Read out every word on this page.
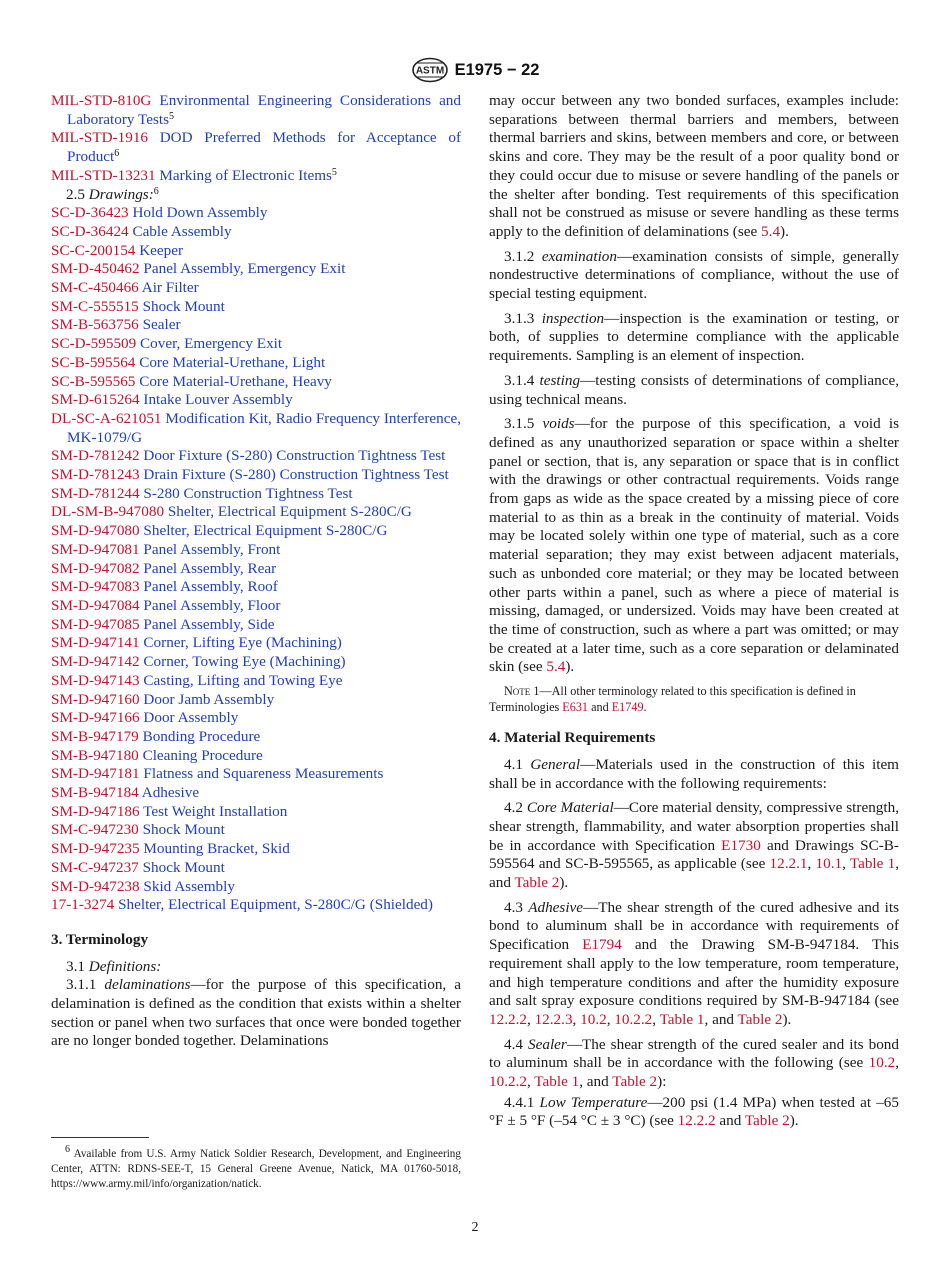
ASTM E1975 − 22
MIL-STD-810G Environmental Engineering Considerations and Laboratory Tests$^5$
MIL-STD-1916 DOD Preferred Methods for Acceptance of Product$^6$
MIL-STD-13231 Marking of Electronic Items$^5$
2.5 Drawings:$^6$
SC-D-36423 Hold Down Assembly
SC-D-36424 Cable Assembly
SC-C-200154 Keeper
SM-D-450462 Panel Assembly, Emergency Exit
SM-C-450466 Air Filter
SM-C-555515 Shock Mount
SM-B-563756 Sealer
SC-D-595509 Cover, Emergency Exit
SC-B-595564 Core Material-Urethane, Light
SC-B-595565 Core Material-Urethane, Heavy
SM-D-615264 Intake Louver Assembly
DL-SC-A-621051 Modification Kit, Radio Frequency Interference, MK-1079/G
SM-D-781242 Door Fixture (S-280) Construction Tightness Test
SM-D-781243 Drain Fixture (S-280) Construction Tightness Test
SM-D-781244 S-280 Construction Tightness Test
DL-SM-B-947080 Shelter, Electrical Equipment S-280C/G
SM-D-947080 Shelter, Electrical Equipment S-280C/G
SM-D-947081 Panel Assembly, Front
SM-D-947082 Panel Assembly, Rear
SM-D-947083 Panel Assembly, Roof
SM-D-947084 Panel Assembly, Floor
SM-D-947085 Panel Assembly, Side
SM-D-947141 Corner, Lifting Eye (Machining)
SM-D-947142 Corner, Towing Eye (Machining)
SM-D-947143 Casting, Lifting and Towing Eye
SM-D-947160 Door Jamb Assembly
SM-D-947166 Door Assembly
SM-B-947179 Bonding Procedure
SM-B-947180 Cleaning Procedure
SM-D-947181 Flatness and Squareness Measurements
SM-B-947184 Adhesive
SM-D-947186 Test Weight Installation
SM-C-947230 Shock Mount
SM-D-947235 Mounting Bracket, Skid
SM-C-947237 Shock Mount
SM-D-947238 Skid Assembly
17-1-3274 Shelter, Electrical Equipment, S-280C/G (Shielded)
3. Terminology
3.1 Definitions:
3.1.1 delaminations—for the purpose of this specification, a delamination is defined as the condition that exists within a shelter section or panel when two surfaces that once were bonded together are no longer bonded together. Delaminations
may occur between any two bonded surfaces, examples include: separations between thermal barriers and members, between thermal barriers and skins, between members and core, or between skins and core. They may be the result of a poor quality bond or they could occur due to misuse or severe handling of the panels or the shelter after bonding. Test requirements of this specification shall not be construed as misuse or severe handling as these terms apply to the definition of delaminations (see 5.4).
3.1.2 examination—examination consists of simple, generally nondestructive determinations of compliance, without the use of special testing equipment.
3.1.3 inspection—inspection is the examination or testing, or both, of supplies to determine compliance with the applicable requirements. Sampling is an element of inspection.
3.1.4 testing—testing consists of determinations of compliance, using technical means.
3.1.5 voids—for the purpose of this specification, a void is defined as any unauthorized separation or space within a shelter panel or section, that is, any separation or space that is in conflict with the drawings or other contractual requirements. Voids range from gaps as wide as the space created by a missing piece of core material to as thin as a break in the continuity of material. Voids may be located solely within one type of material, such as a core material separation; they may exist between adjacent materials, such as unbonded core material; or they may be located between other parts within a panel, such as where a piece of material is missing, damaged, or undersized. Voids may have been created at the time of construction, such as where a part was omitted; or may be created at a later time, such as a core separation or delaminated skin (see 5.4).
Note 1—All other terminology related to this specification is defined in Terminologies E631 and E1749.
4. Material Requirements
4.1 General—Materials used in the construction of this item shall be in accordance with the following requirements:
4.2 Core Material—Core material density, compressive strength, shear strength, flammability, and water absorption properties shall be in accordance with Specification E1730 and Drawings SC-B-595564 and SC-B-595565, as applicable (see 12.2.1, 10.1, Table 1, and Table 2).
4.3 Adhesive—The shear strength of the cured adhesive and its bond to aluminum shall be in accordance with requirements of Specification E1794 and the Drawing SM-B-947184. This requirement shall apply to the low temperature, room temperature, and high temperature conditions and after the humidity exposure and salt spray exposure conditions required by SM-B-947184 (see 12.2.2, 12.2.3, 10.2, 10.2.2, Table 1, and Table 2).
4.4 Sealer—The shear strength of the cured sealer and its bond to aluminum shall be in accordance with the following (see 10.2, 10.2.2, Table 1, and Table 2):
4.4.1 Low Temperature—200 psi (1.4 MPa) when tested at –65 °F ± 5 °F (–54 °C ± 3 °C) (see 12.2.2 and Table 2).
$^6$ Available from U.S. Army Natick Soldier Research, Development, and Engineering Center, ATTN: RDNS-SEE-T, 15 General Greene Avenue, Natick, MA 01760-5018, https://www.army.mil/info/organization/natick.
2
